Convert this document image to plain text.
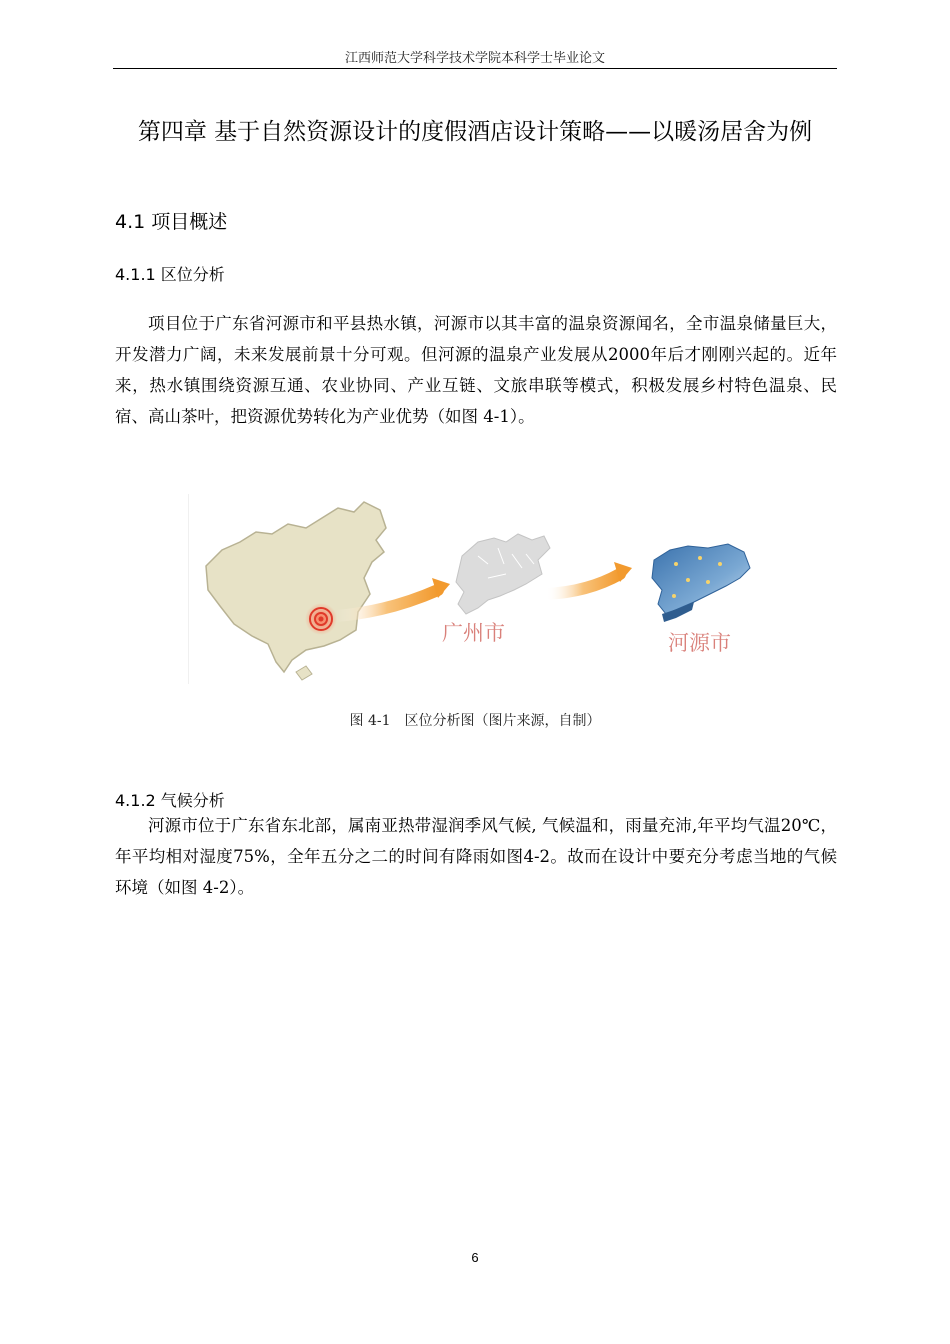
江西师范大学科学技术学院本科学士毕业论文
第四章 基于自然资源设计的度假酒店设计策略——以暖汤居舍为例
4.1 项目概述
4.1.1 区位分析
项目位于广东省河源市和平县热水镇，河源市以其丰富的温泉资源闻名，全市温泉储量巨大，开发潜力广阔，未来发展前景十分可观。但河源的温泉产业发展从2000年后才刚刚兴起的。近年来，热水镇围绕资源互通、农业协同、产业互链、文旅串联等模式，积极发展乡村特色温泉、民宿、高山茶叶，把资源优势转化为产业优势（如图 4-1）。
广州市	河源市
图 4-1　区位分析图（图片来源，自制）
4.1.2 气候分析
河源市位于广东省东北部，属南亚热带湿润季风气候, 气候温和，雨量充沛,年平均气温20℃，年平均相对湿度75%，全年五分之二的时间有降雨如图4-2。故而在设计中要充分考虑当地的气候环境（如图 4-2）。
6
